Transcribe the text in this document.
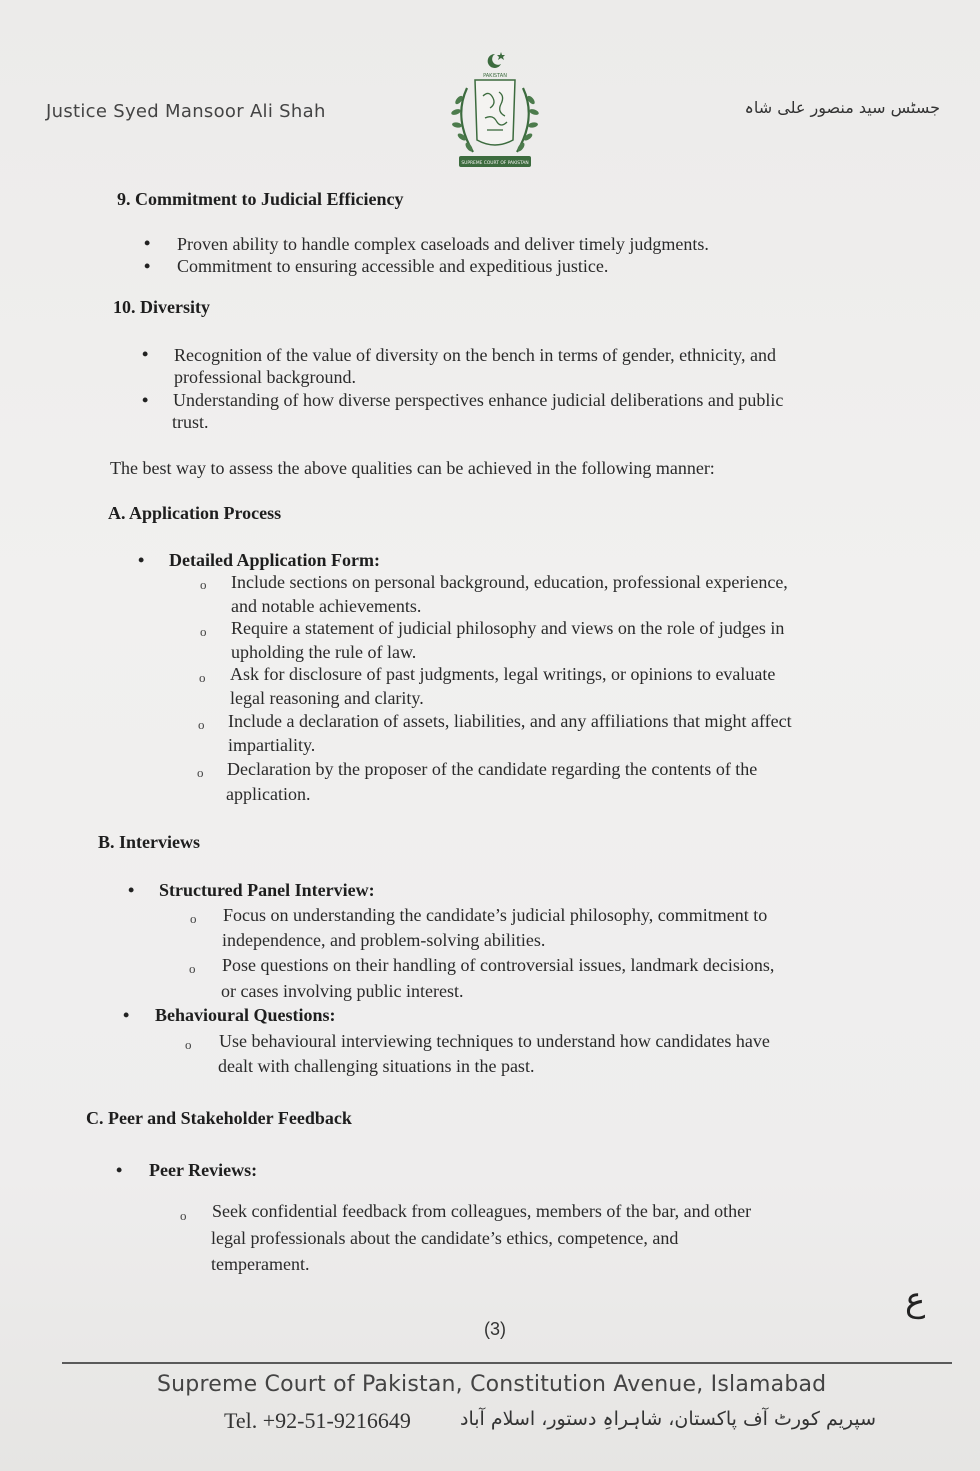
Justice Syed Mansoor Ali Shah
PAKISTAN
SUPREME COURT OF PAKISTAN
جسٹس سید منصور علی شاہ
9. Commitment to Judicial Efficiency
• Proven ability to handle complex caseloads and deliver timely judgments.
• Commitment to ensuring accessible and expeditious justice.
10. Diversity
• Recognition of the value of diversity on the bench in terms of gender, ethnicity, and
professional background.
• Understanding of how diverse perspectives enhance judicial deliberations and public
trust.
The best way to assess the above qualities can be achieved in the following manner:
A. Application Process
• Detailed Application Form:
o Include sections on personal background, education, professional experience,
and notable achievements.
o Require a statement of judicial philosophy and views on the role of judges in
upholding the rule of law.
o Ask for disclosure of past judgments, legal writings, or opinions to evaluate
legal reasoning and clarity.
o Include a declaration of assets, liabilities, and any affiliations that might affect
impartiality.
o Declaration by the proposer of the candidate regarding the contents of the
application.
B. Interviews
• Structured Panel Interview:
o Focus on understanding the candidate’s judicial philosophy, commitment to
independence, and problem-solving abilities.
o Pose questions on their handling of controversial issues, landmark decisions,
or cases involving public interest.
• Behavioural Questions:
o Use behavioural interviewing techniques to understand how candidates have
dealt with challenging situations in the past.
C. Peer and Stakeholder Feedback
• Peer Reviews:
o Seek confidential feedback from colleagues, members of the bar, and other
legal professionals about the candidate’s ethics, competence, and
temperament.
ع
(3)
Supreme Court of Pakistan, Constitution Avenue, Islamabad
Tel. +92-51-9216649	سپریم کورٹ آف پاکستان، شاہراہِ دستور، اسلام آباد
